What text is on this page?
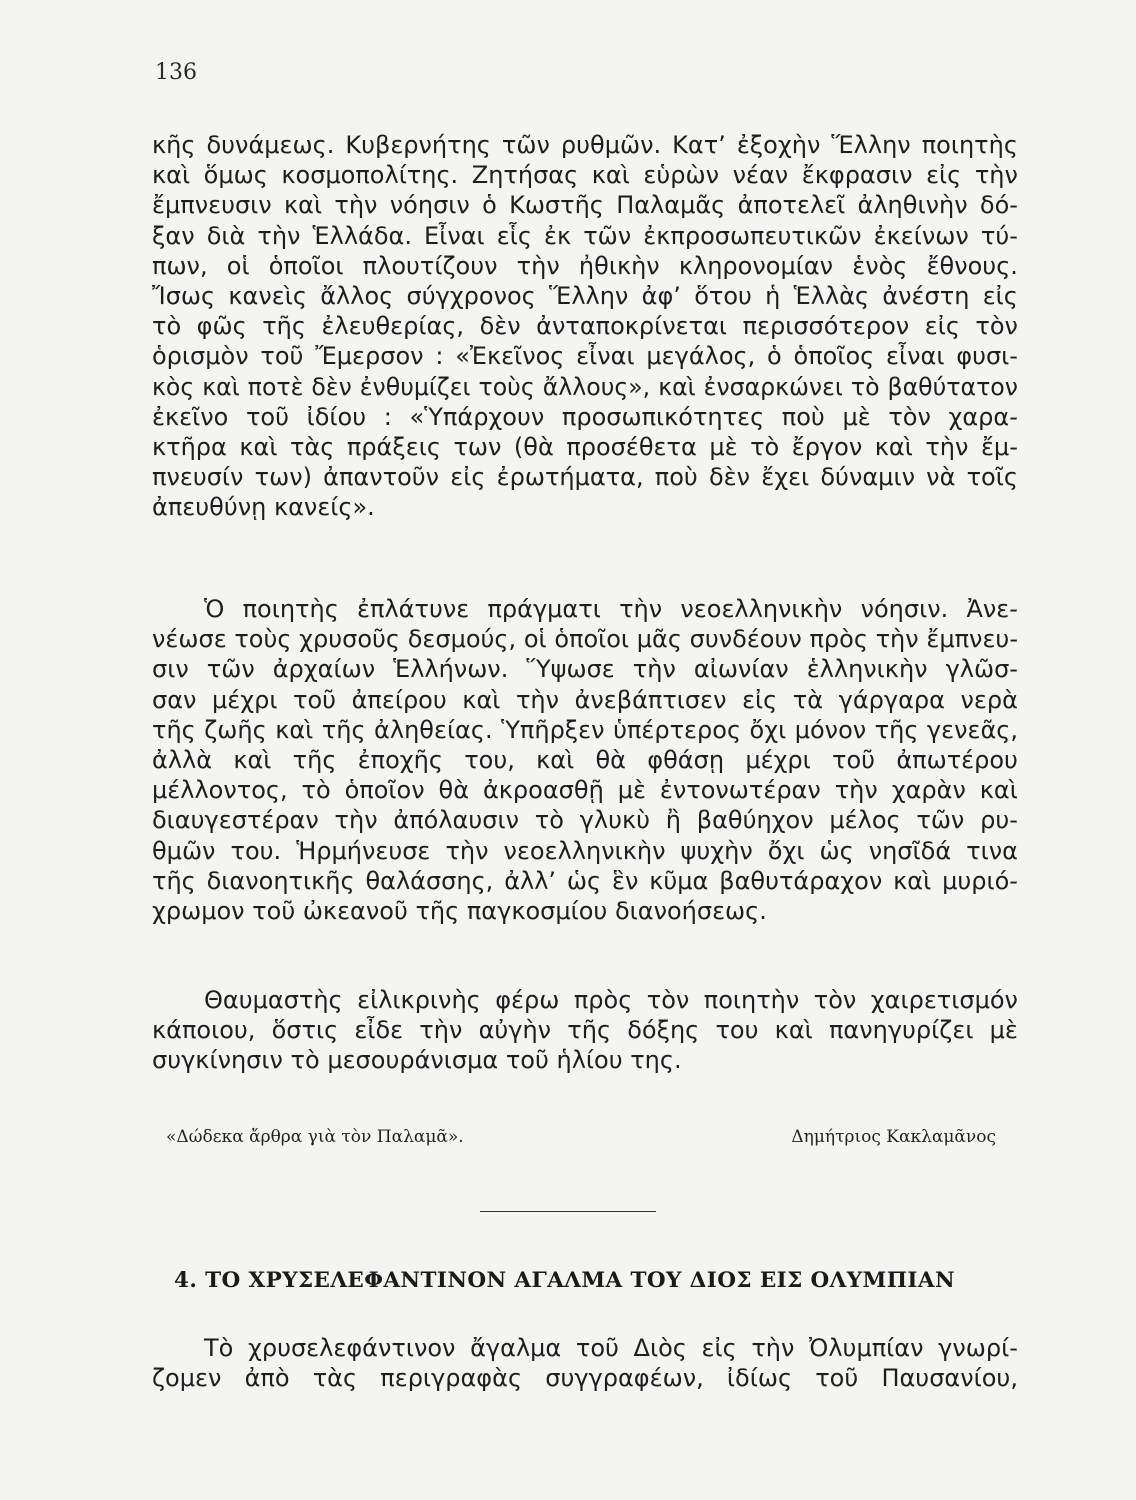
136
κῆς δυνάμεως. Κυβερνήτης τῶν ρυθμῶν. Κατ’ ἐξοχὴν Ἕλλην ποιητὴς
καὶ ὅμως κοσμοπολίτης. Ζητήσας καὶ εὑρὼν νέαν ἔκφρασιν εἰς τὴν
ἔμπνευσιν καὶ τὴν νόησιν ὁ Κωστῆς Παλαμᾶς ἀποτελεῖ ἀληθινὴν δό-
ξαν διὰ τὴν Ἑλλάδα. Εἶναι εἷς ἐκ τῶν ἐκπροσωπευτικῶν ἐκείνων τύ-
πων, οἱ ὁποῖοι πλουτίζουν τὴν ἠθικὴν κληρονομίαν ἑνὸς ἔθνους.
Ἴσως κανεὶς ἄλλος σύγχρονος Ἕλλην ἀφ’ ὅτου ἡ Ἑλλὰς ἀνέστη εἰς
τὸ φῶς τῆς ἐλευθερίας, δὲν ἀνταποκρίνεται περισσότερον εἰς τὸν
ὁρισμὸν τοῦ Ἔμερσον : «Ἐκεῖνος εἶναι μεγάλος, ὁ ὁποῖος εἶναι φυσι-
κὸς καὶ ποτὲ δὲν ἐνθυμίζει τοὺς ἄλλους», καὶ ἐνσαρκώνει τὸ βαθύτατον
ἐκεῖνο τοῦ ἰδίου : «Ὑπάρχουν προσωπικότητες ποὺ μὲ τὸν χαρα-
κτῆρα καὶ τὰς πράξεις των (θὰ προσέθετα μὲ τὸ ἔργον καὶ τὴν ἔμ-
πνευσίν των) ἀπαντοῦν εἰς ἐρωτήματα, ποὺ δὲν ἔχει δύναμιν νὰ τοῖς
ἀπευθύνῃ κανείς».
Ὁ ποιητὴς ἐπλάτυνε πράγματι τὴν νεοελληνικὴν νόησιν. Ἀνε-
νέωσε τοὺς χρυσοῦς δεσμούς, οἱ ὁποῖοι μᾶς συνδέουν πρὸς τὴν ἔμπνευ-
σιν τῶν ἀρχαίων Ἑλλήνων. Ὕψωσε τὴν αἰωνίαν ἑλληνικὴν γλῶσ-
σαν μέχρι τοῦ ἀπείρου καὶ τὴν ἀνεβάπτισεν εἰς τὰ γάργαρα νερὰ
τῆς ζωῆς καὶ τῆς ἀληθείας. Ὑπῆρξεν ὑπέρτερος ὄχι μόνον τῆς γενεᾶς,
ἀλλὰ καὶ τῆς ἐποχῆς του, καὶ θὰ φθάσῃ μέχρι τοῦ ἀπωτέρου
μέλλοντος, τὸ ὁποῖον θὰ ἀκροασθῇ μὲ ἐντονωτέραν τὴν χαρὰν καὶ
διαυγεστέραν τὴν ἀπόλαυσιν τὸ γλυκὺ ἢ βαθύηχον μέλος τῶν ρυ-
θμῶν του. Ἡρμήνευσε τὴν νεοελληνικὴν ψυχὴν ὄχι ὡς νησῖδά τινα
τῆς διανοητικῆς θαλάσσης, ἀλλ’ ὡς ἓν κῦμα βαθυτάραχον καὶ μυριό-
χρωμον τοῦ ὠκεανοῦ τῆς παγκοσμίου διανοήσεως.
Θαυμαστὴς εἰλικρινὴς φέρω πρὸς τὸν ποιητὴν τὸν χαιρετισμόν
κάποιου, ὅστις εἶδε τὴν αὐγὴν τῆς δόξης του καὶ πανηγυρίζει μὲ
συγκίνησιν τὸ μεσουράνισμα τοῦ ἡλίου της.
«Δώδεκα ἄρθρα γιὰ τὸν Παλαμᾶ».	Δημήτριος Κακλαμᾶνος
4. ΤΟ ΧΡΥΣΕΛΕΦΑΝΤΙΝΟΝ ΑΓΑΛΜΑ ΤΟΥ ΔΙΟΣ ΕΙΣ ΟΛΥΜΠΙΑΝ
Τὸ χρυσελεφάντινον ἄγαλμα τοῦ Διὸς εἰς τὴν Ὀλυμπίαν γνωρί-
ζομεν ἀπὸ τὰς περιγραφὰς συγγραφέων, ἰδίως τοῦ Παυσανίου,
